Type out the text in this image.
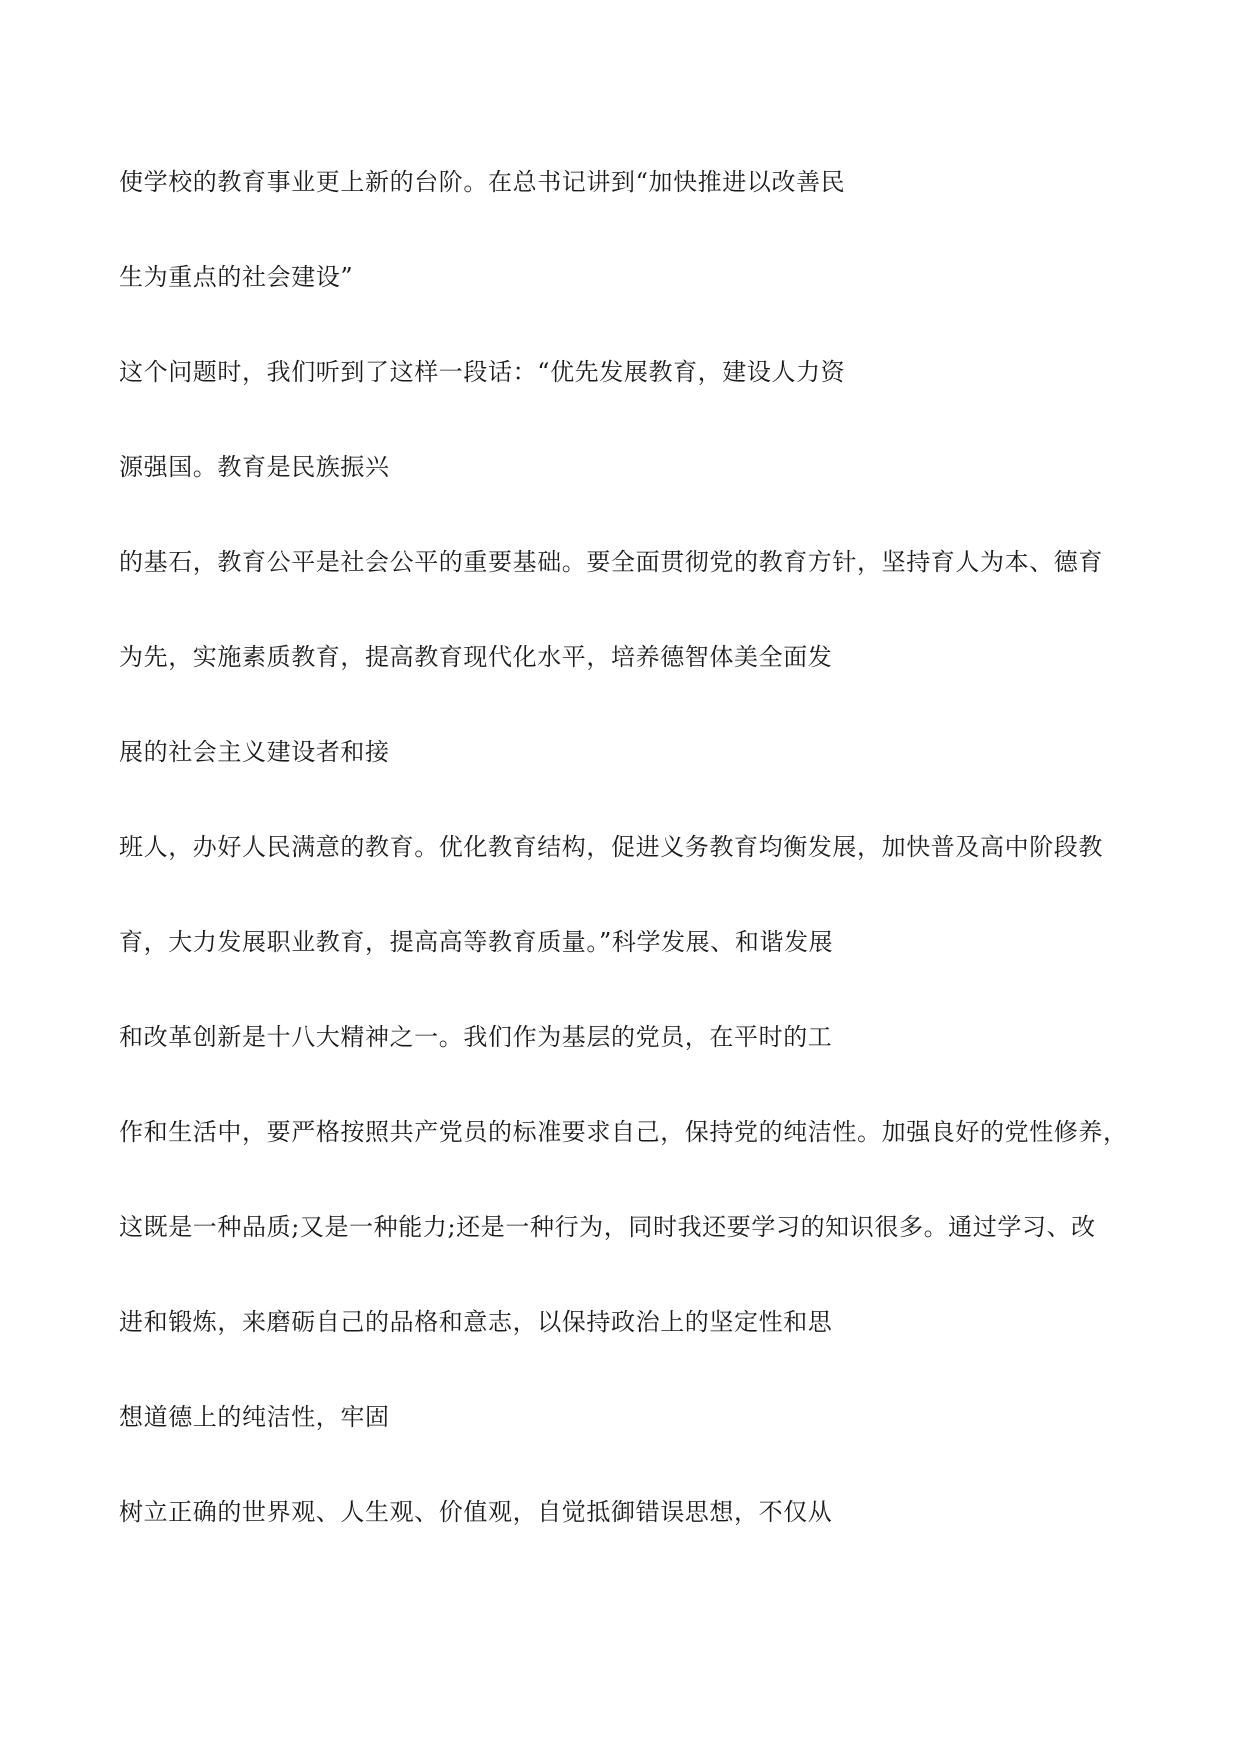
使学校的教育事业更上新的台阶。在总书记讲到“加快推进以改善民
生为重点的社会建设”
这个问题时，我们听到了这样一段话：“优先发展教育，建设人力资
源强国。教育是民族振兴
的基石，教育公平是社会公平的重要基础。要全面贯彻党的教育方针，坚持育人为本、德育
为先，实施素质教育，提高教育现代化水平，培养德智体美全面发
展的社会主义建设者和接
班人，办好人民满意的教育。优化教育结构，促进义务教育均衡发展，加快普及高中阶段教
育，大力发展职业教育，提高高等教育质量。”科学发展、和谐发展
和改革创新是十八大精神之一。我们作为基层的党员，在平时的工
作和生活中，要严格按照共产党员的标准要求自己，保持党的纯洁性。加强良好的党性修养，
这既是一种品质;又是一种能力;还是一种行为，同时我还要学习的知识很多。通过学习、改
进和锻炼，来磨砺自己的品格和意志，以保持政治上的坚定性和思
想道德上的纯洁性，牢固
树立正确的世界观、人生观、价值观，自觉抵御错误思想，不仅从
